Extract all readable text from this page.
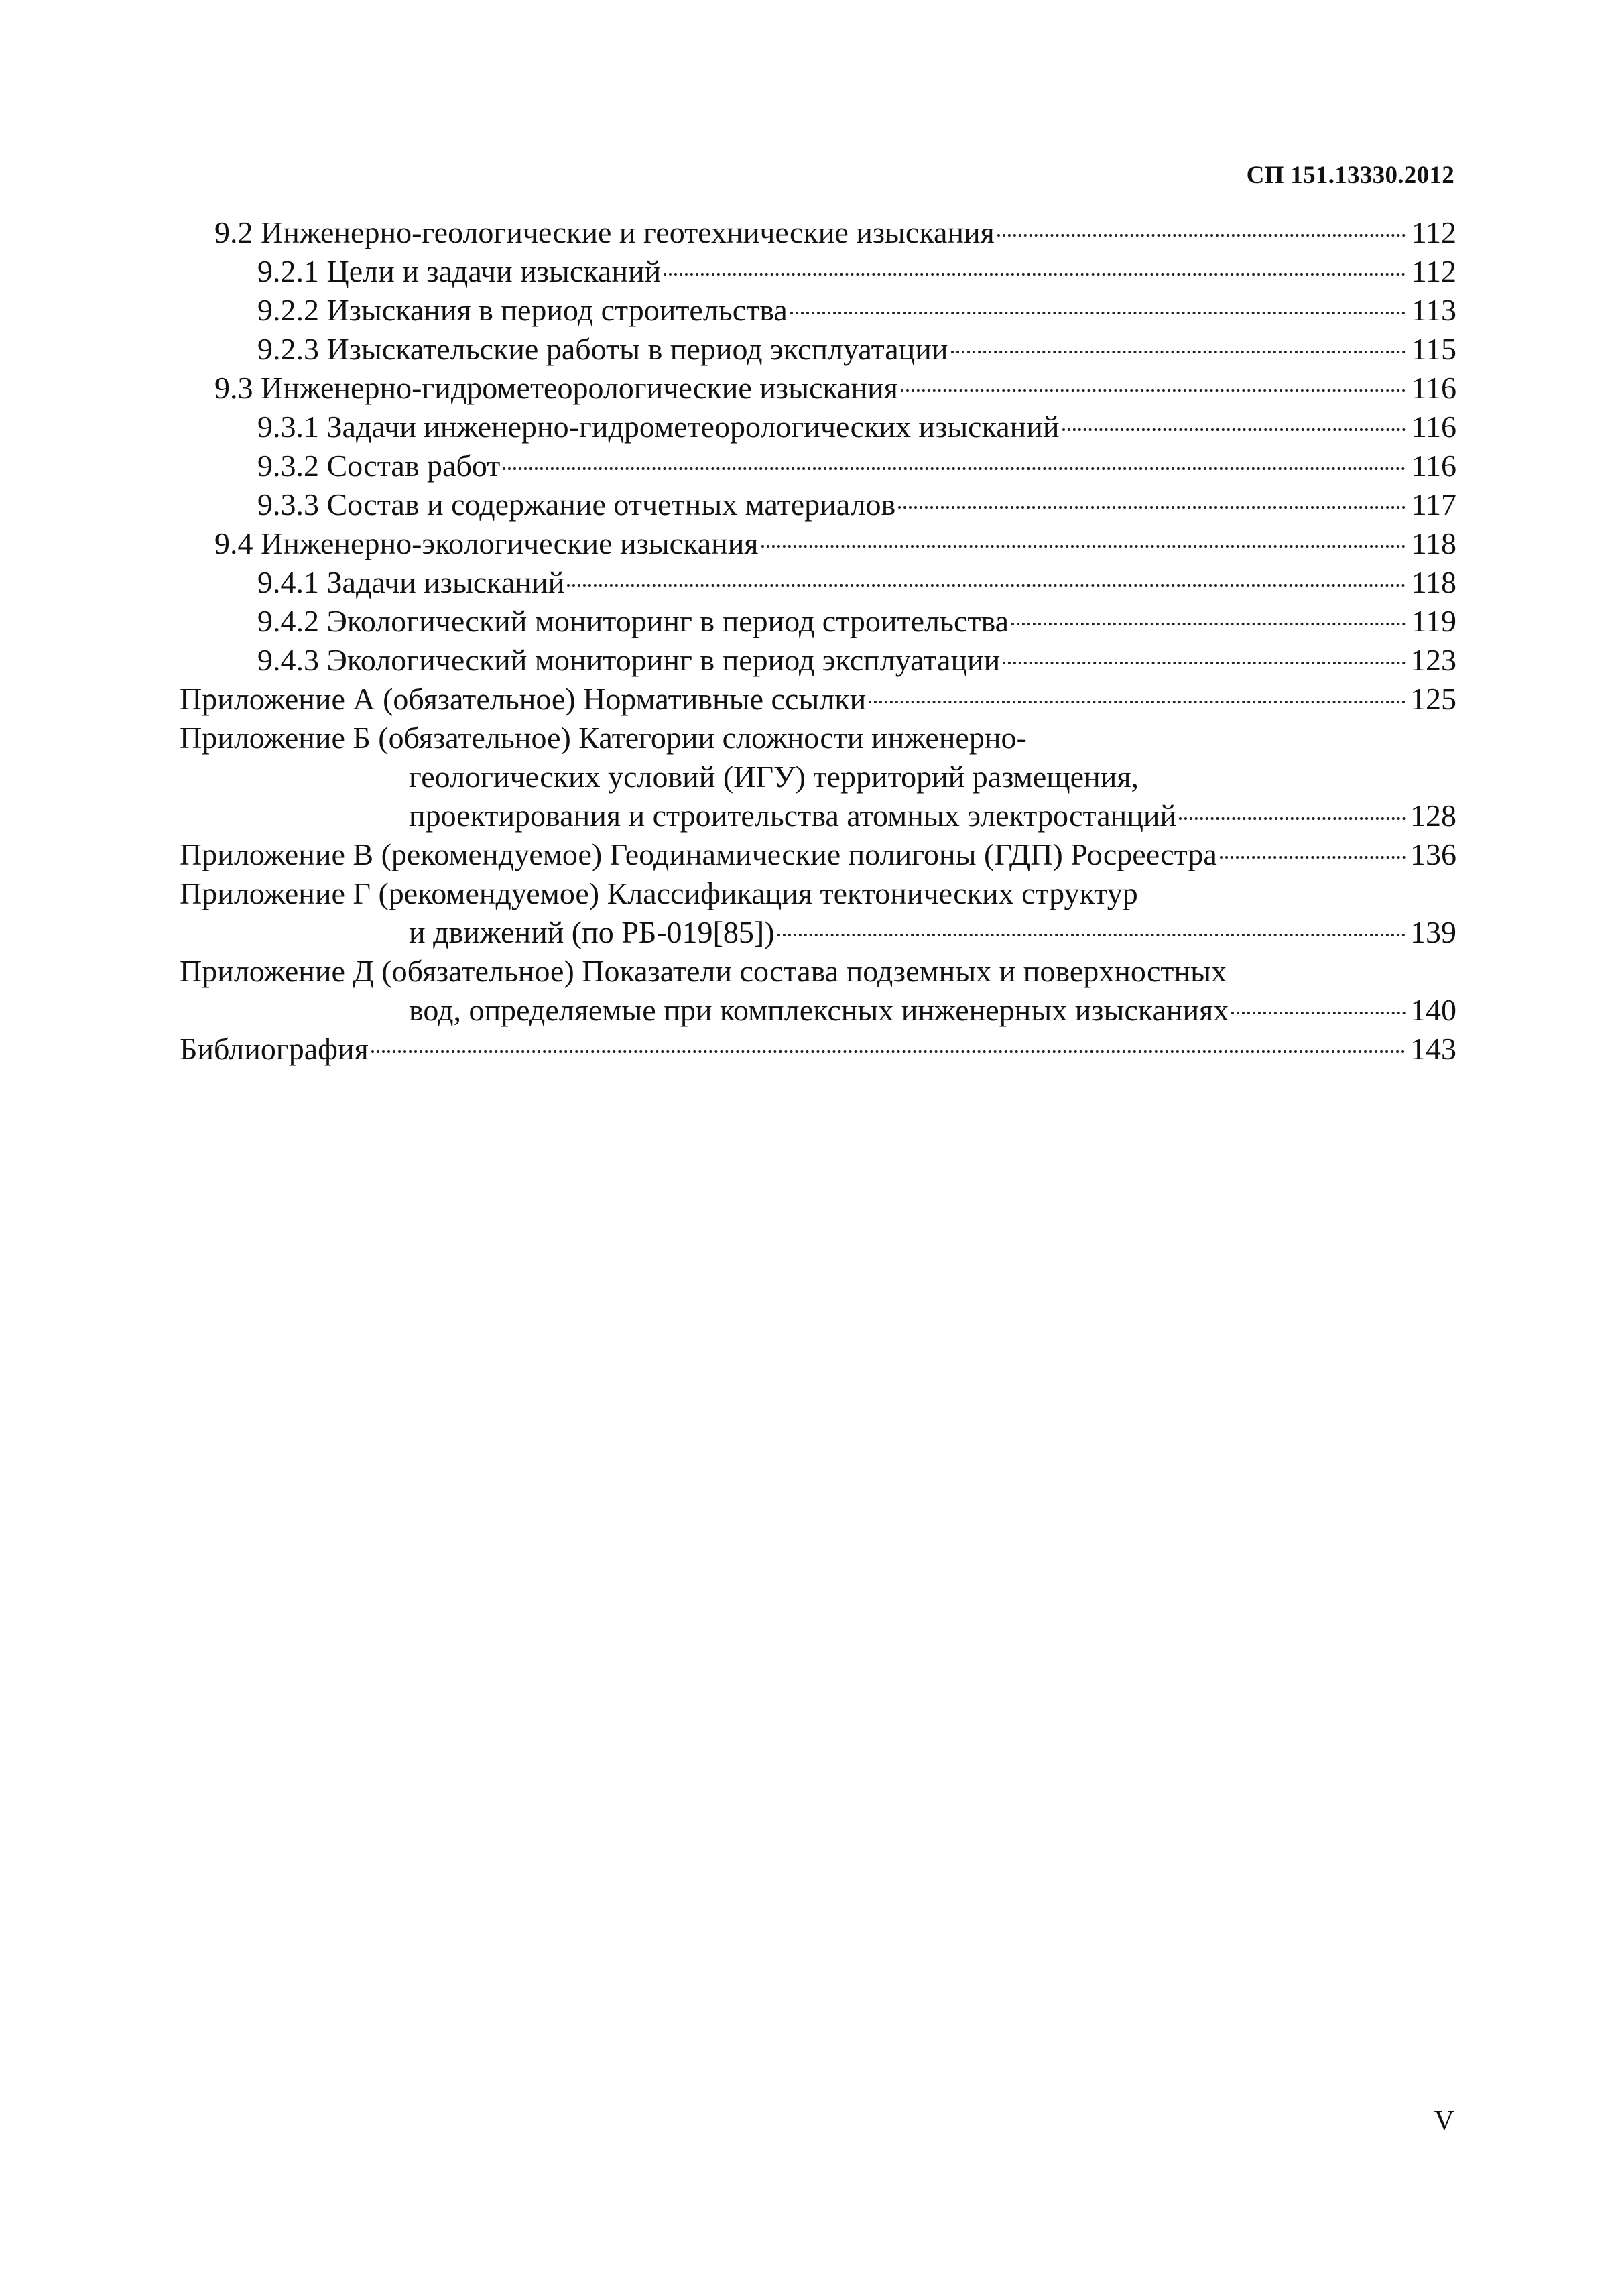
СП 151.13330.2012
9.2 Инженерно-геологические и геотехнические изыскания	112
9.2.1 Цели и задачи изысканий	112
9.2.2 Изыскания в период строительства	113
9.2.3 Изыскательские работы в период эксплуатации	115
9.3 Инженерно-гидрометеорологические изыскания	116
9.3.1 Задачи инженерно-гидрометеорологических изысканий	116
9.3.2 Состав работ	116
9.3.3 Состав и содержание отчетных материалов	117
9.4 Инженерно-экологические изыскания	118
9.4.1 Задачи изысканий	118
9.4.2 Экологический мониторинг в период строительства	119
9.4.3 Экологический мониторинг в период эксплуатации	123
Приложение А (обязательное) Нормативные ссылки	125
Приложение Б (обязательное) Категории сложности инженерно-
геологических условий (ИГУ) территорий размещения,
проектирования и строительства атомных электростанций	128
Приложение В (рекомендуемое) Геодинамические полигоны (ГДП) Росреестра	136
Приложение Г (рекомендуемое) Классификация тектонических структур
и движений (по РБ-019[85])	139
Приложение Д (обязательное) Показатели состава подземных и поверхностных
вод, определяемые при комплексных инженерных изысканиях	140
Библиография	143
V
